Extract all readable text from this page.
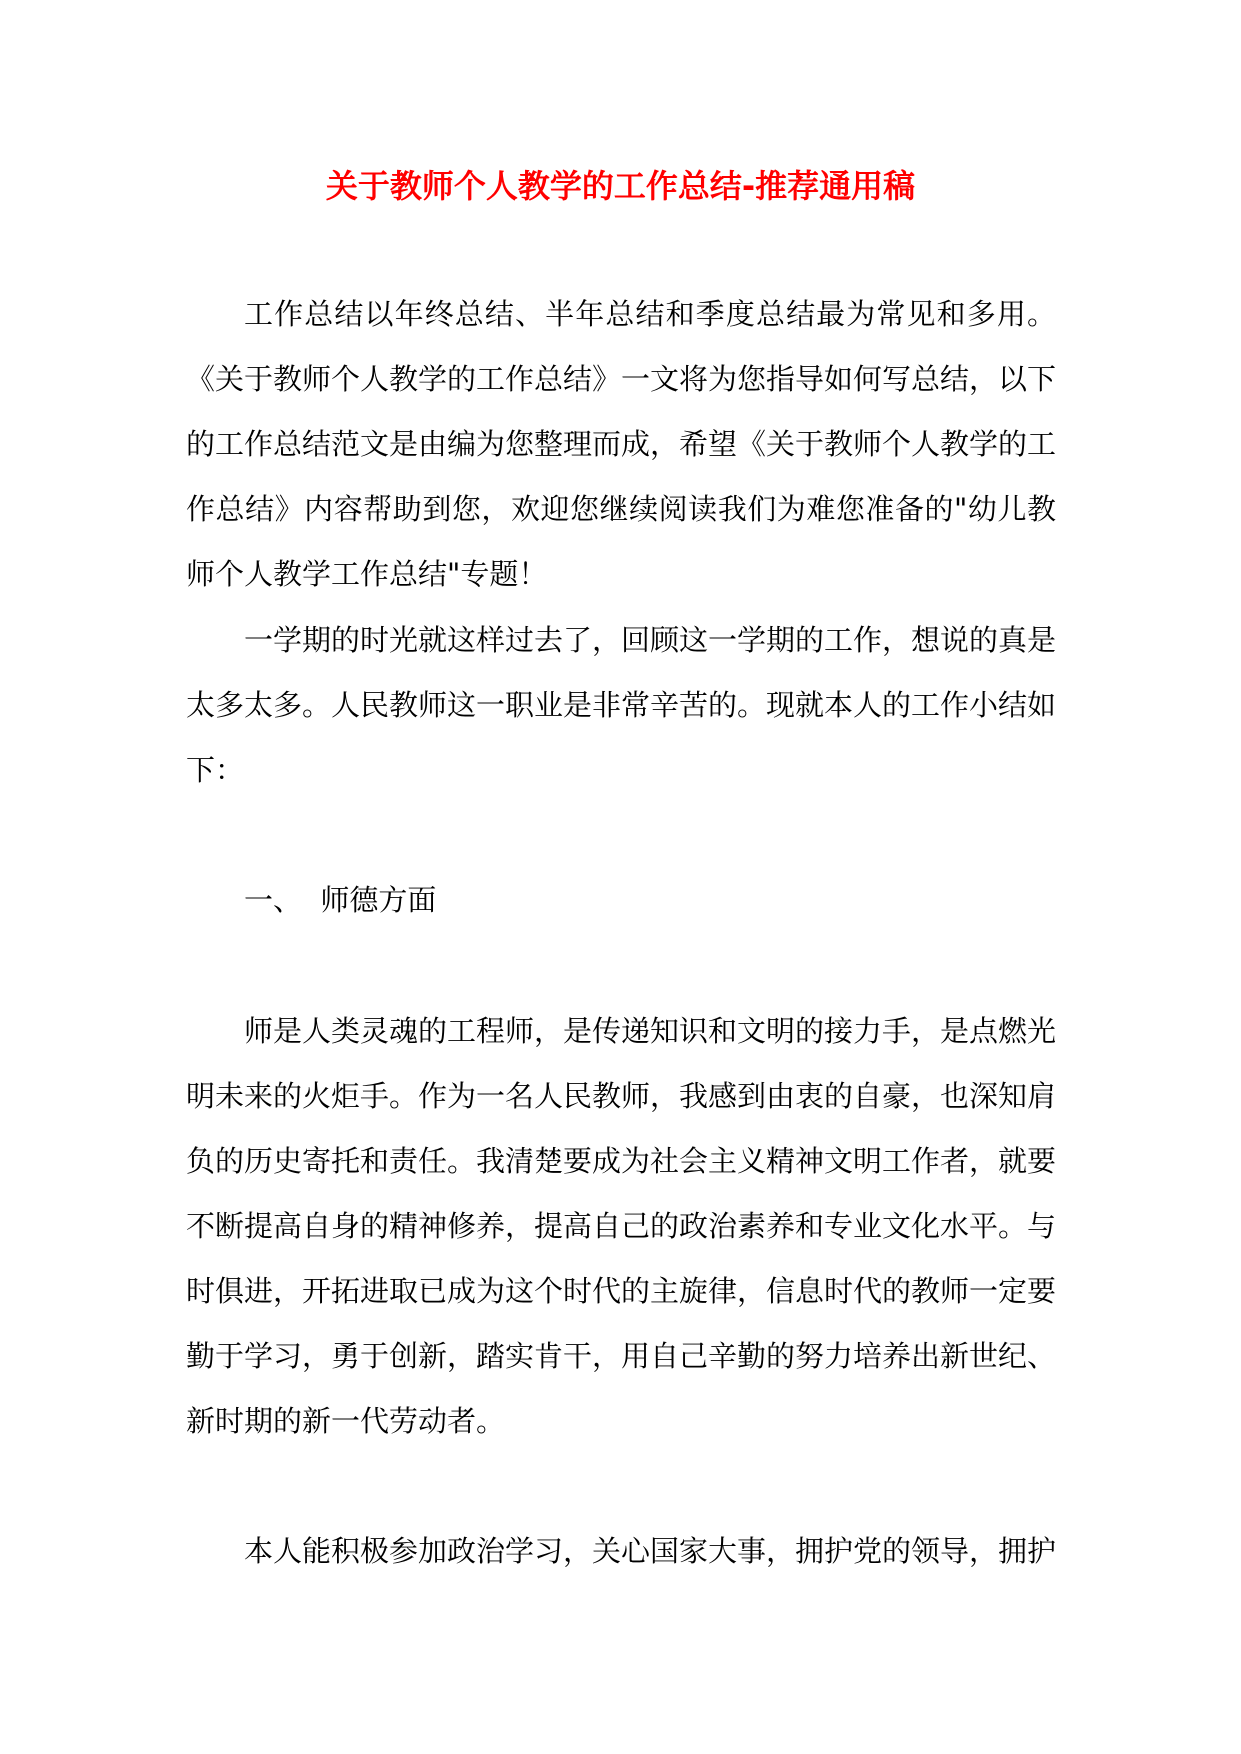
关于教师个人教学的工作总结-推荐通用稿

工作总结以年终总结、半年总结和季度总结最为常见和多用。《关于教师个人教学的工作总结》一文将为您指导如何写总结，以下的工作总结范文是由编为您整理而成，希望《关于教师个人教学的工作总结》内容帮助到您，欢迎您继续阅读我们为难您准备的"幼儿教师个人教学工作总结"专题！

一学期的时光就这样过去了，回顾这一学期的工作，想说的真是太多太多。人民教师这一职业是非常辛苦的。现就本人的工作小结如下：

一、  师德方面

师是人类灵魂的工程师，是传递知识和文明的接力手，是点燃光明未来的火炬手。作为一名人民教师，我感到由衷的自豪，也深知肩负的历史寄托和责任。我清楚要成为社会主义精神文明工作者，就要不断提高自身的精神修养，提高自己的政治素养和专业文化水平。与时俱进，开拓进取已成为这个时代的主旋律，信息时代的教师一定要勤于学习，勇于创新，踏实肯干，用自己辛勤的努力培养出新世纪、新时期的新一代劳动者。

本人能积极参加政治学习，关心国家大事，拥护党的领导，拥护
